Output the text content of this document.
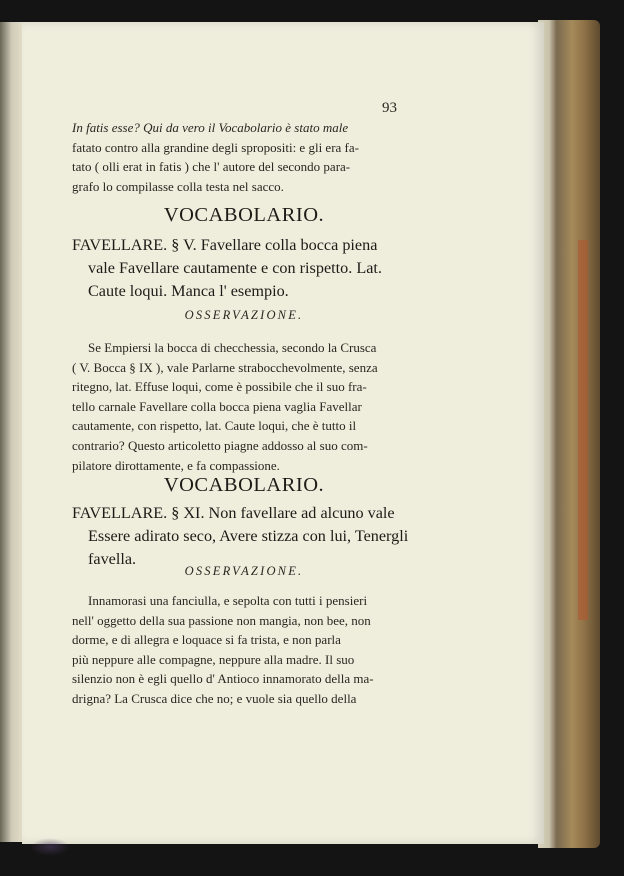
93

In fatis esse? Qui da vero il Vocabolario è stato male

fatato contro alla grandine degli spropositi: e gli era fa-

tato ( olli erat in fatis ) che l' autore del secondo para-

grafo lo compilasse colla testa nel sacco.

VOCABOLARIO.

FAVELLARE. § V. Favellare colla bocca piena

vale Favellare cautamente e con rispetto. Lat.

Caute loqui. Manca l' esempio.

OSSERVAZIONE.

Se Empiersi la bocca di checchessia, secondo la Crusca

( V. Bocca § IX ), vale Parlarne strabocchevolmente, senza

ritegno, lat. Effuse loqui, come è possibile che il suo fra-

tello carnale Favellare colla bocca piena vaglia Favellar

cautamente, con rispetto, lat. Caute loqui, che è tutto il

contrario? Questo articoletto piagne addosso al suo com-

pilatore dirottamente, e fa compassione.

VOCABOLARIO.

FAVELLARE. § XI. Non favellare ad alcuno vale

Essere adirato seco, Avere stizza con lui, Tenergli

favella.

OSSERVAZIONE.

Innamorasi una fanciulla, e sepolta con tutti i pensieri

nell' oggetto della sua passione non mangia, non bee, non

dorme, e di allegra e loquace si fa trista, e non parla

più neppure alle compagne, neppure alla madre. Il suo

silenzio non è egli quello d' Antioco innamorato della ma-

drigna? La Crusca dice che no; e vuole sia quello della
